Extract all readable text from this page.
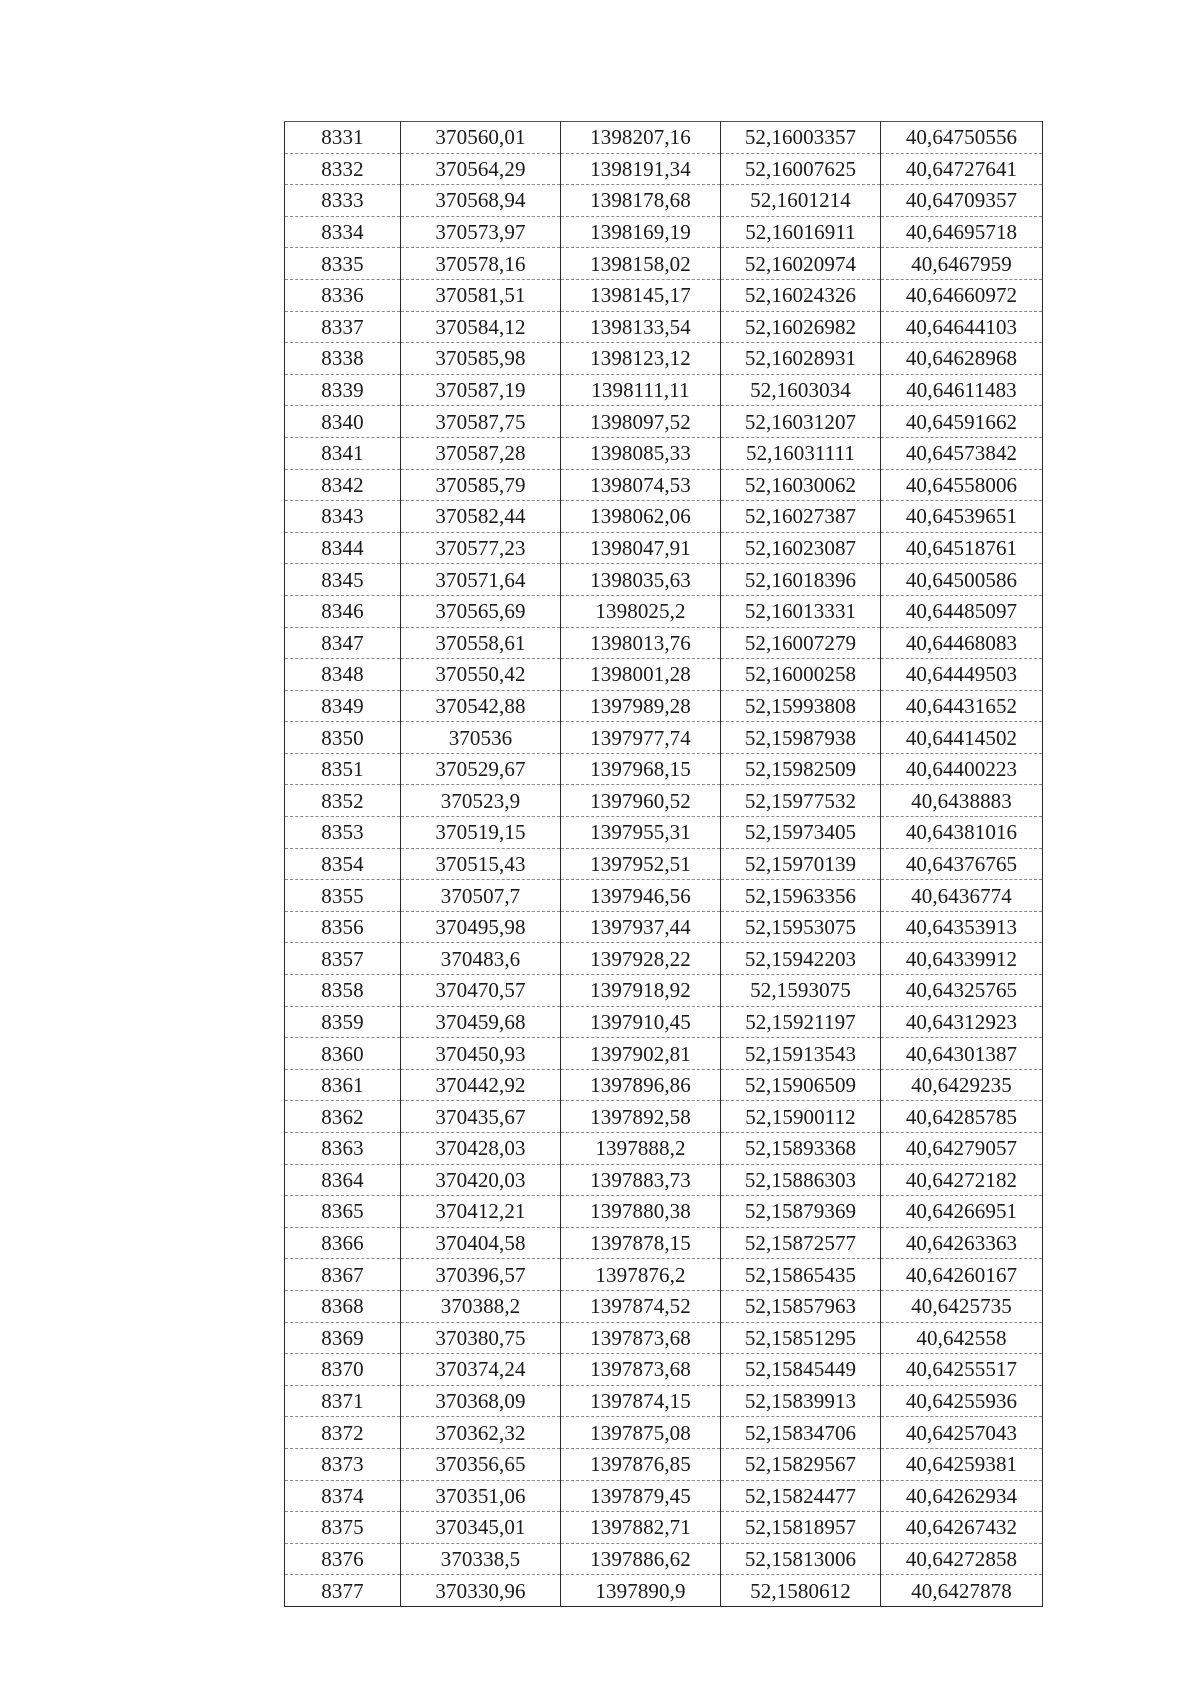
8331	370560,01	1398207,16	52,16003357	40,64750556
8332	370564,29	1398191,34	52,16007625	40,64727641
8333	370568,94	1398178,68	52,1601214	40,64709357
8334	370573,97	1398169,19	52,16016911	40,64695718
8335	370578,16	1398158,02	52,16020974	40,6467959
8336	370581,51	1398145,17	52,16024326	40,64660972
8337	370584,12	1398133,54	52,16026982	40,64644103
8338	370585,98	1398123,12	52,16028931	40,64628968
8339	370587,19	1398111,11	52,1603034	40,64611483
8340	370587,75	1398097,52	52,16031207	40,64591662
8341	370587,28	1398085,33	52,16031111	40,64573842
8342	370585,79	1398074,53	52,16030062	40,64558006
8343	370582,44	1398062,06	52,16027387	40,64539651
8344	370577,23	1398047,91	52,16023087	40,64518761
8345	370571,64	1398035,63	52,16018396	40,64500586
8346	370565,69	1398025,2	52,16013331	40,64485097
8347	370558,61	1398013,76	52,16007279	40,64468083
8348	370550,42	1398001,28	52,16000258	40,64449503
8349	370542,88	1397989,28	52,15993808	40,64431652
8350	370536	1397977,74	52,15987938	40,64414502
8351	370529,67	1397968,15	52,15982509	40,64400223
8352	370523,9	1397960,52	52,15977532	40,6438883
8353	370519,15	1397955,31	52,15973405	40,64381016
8354	370515,43	1397952,51	52,15970139	40,64376765
8355	370507,7	1397946,56	52,15963356	40,6436774
8356	370495,98	1397937,44	52,15953075	40,64353913
8357	370483,6	1397928,22	52,15942203	40,64339912
8358	370470,57	1397918,92	52,1593075	40,64325765
8359	370459,68	1397910,45	52,15921197	40,64312923
8360	370450,93	1397902,81	52,15913543	40,64301387
8361	370442,92	1397896,86	52,15906509	40,6429235
8362	370435,67	1397892,58	52,15900112	40,64285785
8363	370428,03	1397888,2	52,15893368	40,64279057
8364	370420,03	1397883,73	52,15886303	40,64272182
8365	370412,21	1397880,38	52,15879369	40,64266951
8366	370404,58	1397878,15	52,15872577	40,64263363
8367	370396,57	1397876,2	52,15865435	40,64260167
8368	370388,2	1397874,52	52,15857963	40,6425735
8369	370380,75	1397873,68	52,15851295	40,642558
8370	370374,24	1397873,68	52,15845449	40,64255517
8371	370368,09	1397874,15	52,15839913	40,64255936
8372	370362,32	1397875,08	52,15834706	40,64257043
8373	370356,65	1397876,85	52,15829567	40,64259381
8374	370351,06	1397879,45	52,15824477	40,64262934
8375	370345,01	1397882,71	52,15818957	40,64267432
8376	370338,5	1397886,62	52,15813006	40,64272858
8377	370330,96	1397890,9	52,1580612	40,6427878
